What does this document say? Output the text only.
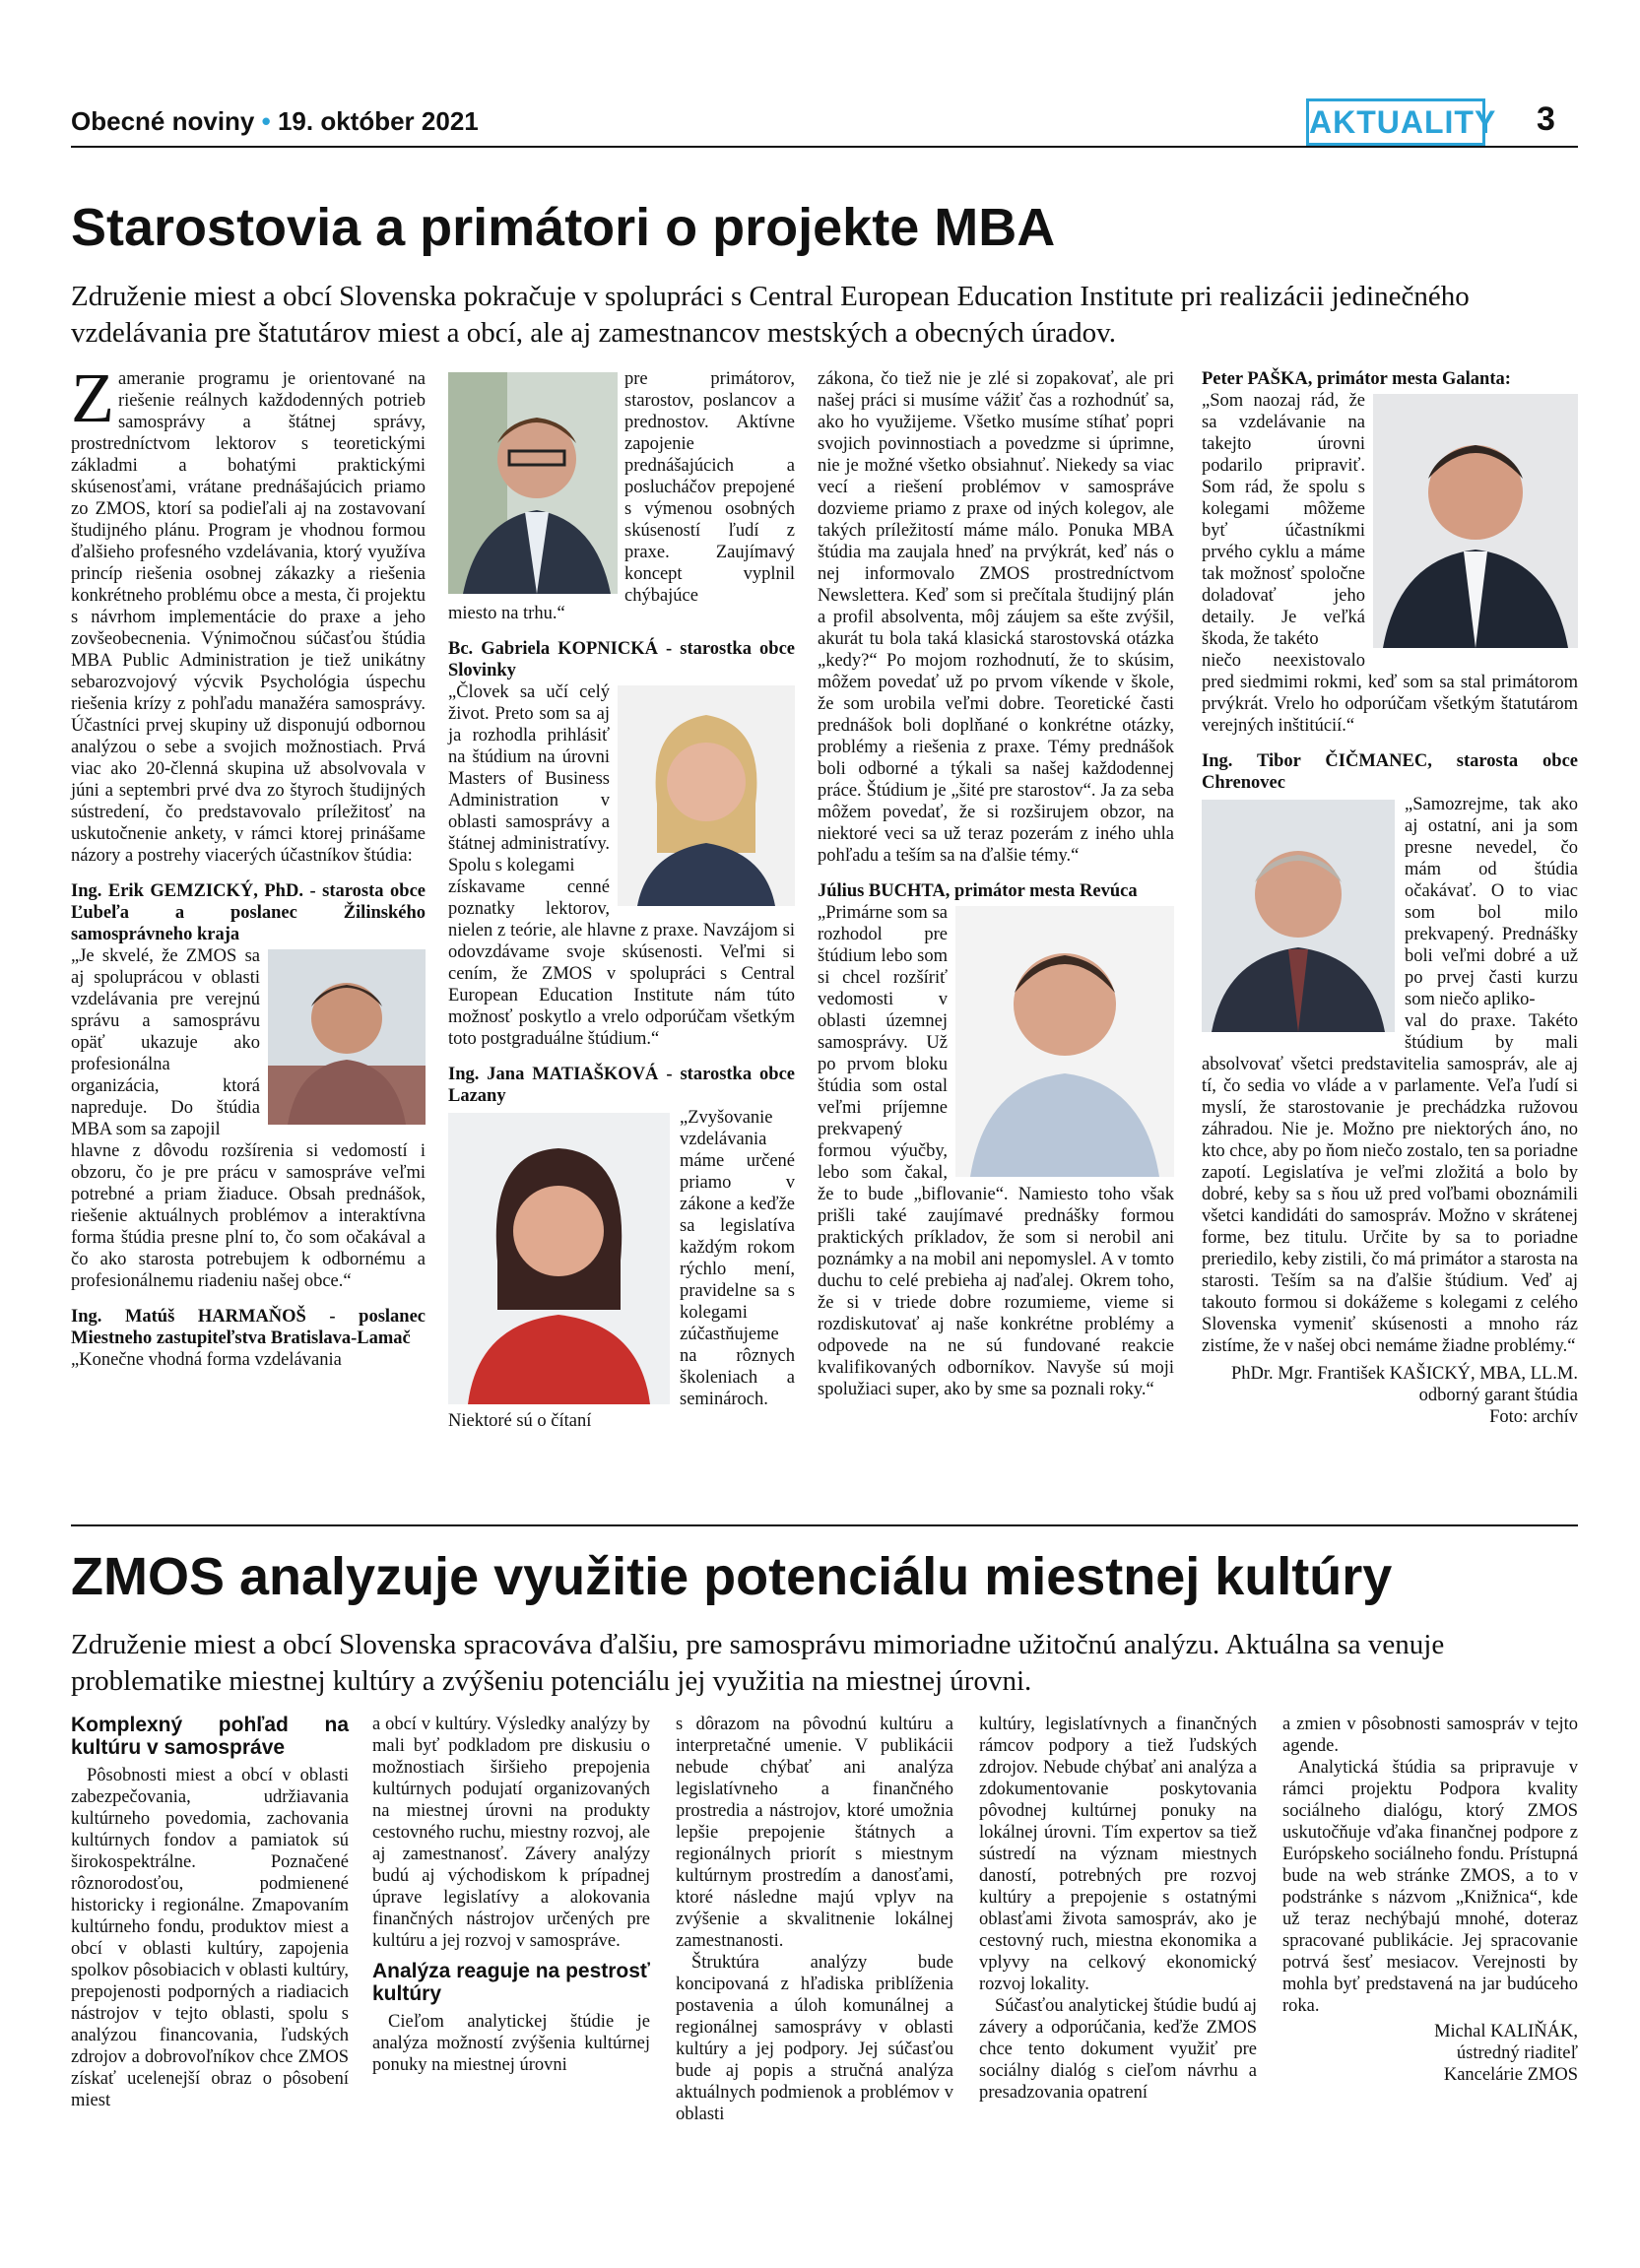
Obecné noviny • 19. október 2021	AKTUALITY 3
Starostovia a primátori o projekte MBA
Združenie miest a obcí Slovenska pokračuje v spolupráci s Central European Education Institute pri realizácii jedinečného vzdelávania pre štatutárov miest a obcí, ale aj zamestnancov mestských a obecných úradov.

Zameranie programu je orientované na riešenie reálnych každodenných potrieb samosprávy a štátnej správy, prostredníctvom lektorov s teoretickými základmi a bohatými praktickými skúsenosťami, vrátane prednášajúcich priamo zo ZMOS, ktorí sa podieľali aj na zostavovaní študijného plánu. Program je vhodnou formou ďalšieho profesného vzdelávania, ktorý využíva princíp riešenia osobnej zákazky a riešenia konkrétneho problému obce a mesta, či projektu s návrhom implementácie do praxe a jeho zovšeobecnenia. Výnimočnou súčasťou štúdia MBA Public Administration je tiež unikátny sebarozvojový výcvik Psychológia úspechu riešenia krízy z pohľadu manažéra samosprávy. Účastníci prvej skupiny už disponujú odbornou analýzou o sebe a svojich možnostiach. Prvá viac ako 20-členná skupina už absolvovala v júni a septembri prvé dva zo štyroch študijných sústredení, čo predstavovalo príležitosť na uskutočnenie ankety, v rámci ktorej prinášame názory a postrehy viacerých účastníkov štúdia:

Ing. Erik GEMZICKÝ, PhD. - starosta obce Ľubeľa a poslanec Žilinského samosprávneho kraja

„Je skvelé, že ZMOS sa aj spoluprácou v oblasti vzdelávania pre verejnú správu a samosprávu opäť ukazuje ako profesionálna organizácia, ktorá napreduje. Do štúdia MBA som sa zapojil

hlavne z dôvodu rozšírenia si vedomostí i obzoru, čo je pre prácu v samospráve veľmi potrebné a priam žiaduce. Obsah prednášok, riešenie aktuálnych problémov a interaktívna forma štúdia presne plní to, čo som očakával a čo ako starosta potrebujem k odbornému a profesionálnemu riadeniu našej obce.“

Ing. Matúš HARMAŇOŠ - poslanec Miestneho zastupiteľstva Bratislava-Lamač

„Konečne vhodná forma vzdelávania

pre primátorov, starostov, poslancov a prednostov. Aktívne zapojenie prednášajúcich a poslucháčov prepojené s výmenou osobných skúseností ľudí z praxe. Zaujímavý koncept vyplnil chýbajúce

miesto na trhu.“

Bc. Gabriela KOPNICKÁ - starostka obce Slovinky

„Človek sa učí celý život. Preto som sa aj ja rozhodla prihlásiť na štúdium na úrovni Masters of Business Administration v oblasti samosprávy a štátnej administratívy. Spolu s kolegami

získavame cenné poznatky lektorov, nielen z teórie, ale hlavne z praxe. Navzájom si odovzdávame svoje skúsenosti. Veľmi si cením, že ZMOS v spolupráci s Central European Education Institute nám túto možnosť poskytlo a vrelo odporúčam všetkým toto postgraduálne štúdium.“

Ing. Jana MATIAŠKOVÁ - starostka obce Lazany

„Zvyšovanie vzdelávania máme určené priamo v zákone a keďže sa legislatíva každým rokom rýchlo mení, pravidelne sa s kolegami zúčastňujeme na rôznych školeniach a seminároch. Niektoré sú o čítaní

zákona, čo tiež nie je zlé si zopakovať, ale pri našej práci si musíme vážiť čas a rozhodnúť sa, ako ho využijeme. Všetko musíme stíhať popri svojich povinnostiach a povedzme si úprimne, nie je možné všetko obsiahnuť. Niekedy sa viac vecí a riešení problémov v samospráve dozvieme priamo z praxe od iných kolegov, ale takých príležitostí máme málo. Ponuka MBA štúdia ma zaujala hneď na prvýkrát, keď nás o nej informovalo ZMOS prostredníctvom Newslettera. Keď som si prečítala študijný plán a profil absolventa, môj záujem sa ešte zvýšil, akurát tu bola taká klasická starostovská otázka „kedy?“ Po mojom rozhodnutí, že to skúsim, môžem povedať už po prvom víkende v škole, že som urobila veľmi dobre. Teoretické časti prednášok boli doplňané o konkrétne otázky, problémy a riešenia z praxe. Témy prednášok boli odborné a týkali sa našej každodennej práce. Štúdium je „šité pre starostov“. Ja za seba môžem povedať, že si rozširujem obzor, na niektoré veci sa už teraz pozerám z iného uhla pohľadu a teším sa na ďalšie témy.“

Július BUCHTA, primátor mesta Revúca

„Primárne som sa rozhodol pre štúdium lebo som si chcel rozšíriť vedomosti v oblasti územnej samosprávy. Už po prvom bloku štúdia som ostal veľmi príjemne prekvapený

formou výučby, lebo som čakal, že to bude „biflovanie“. Namiesto toho však prišli také zaujímavé prednášky formou praktických príkladov, že som si nerobil ani poznámky a na mobil ani nepomyslel. A v tomto duchu to celé prebieha aj naďalej. Okrem toho, že si v triede dobre rozumieme, vieme si rozdiskutovať aj naše konkrétne problémy a odpovede na ne sú fundované reakcie kvalifikovaných odborníkov. Navyše sú moji spolužiaci super, ako by sme sa poznali roky.“

Peter PAŠKA, primátor mesta Galanta:

„Som naozaj rád, že sa vzdelávanie na takejto úrovni podarilo pripraviť. Som rád, že spolu s kolegami môžeme byť účastníkmi prvého cyklu a máme tak možnosť spoločne doladovať jeho detaily. Je veľká škoda, že takéto

niečo neexistovalo pred siedmimi rokmi, keď som sa stal primátorom prvýkrát. Vrelo ho odporúčam všetkým štatutárom verejných inštitúcií.“

Ing. Tibor ČIČMANEC, starosta obce Chrenovec

„Samozrejme, tak ako aj ostatní, ani ja som presne nevedel, čo mám od štúdia očakávať. O to viac som bol milo prekvapený. Prednášky boli veľmi dobré a už po prvej časti kurzu som niečo apliko-

val do praxe. Takéto štúdium by mali absolvovať všetci predstavitelia samospráv, ale aj tí, čo sedia vo vláde a v parlamente. Veľa ľudí si myslí, že starostovanie je prechádzka ružovou záhradou. Nie je. Možno pre niektorých áno, no kto chce, aby po ňom niečo zostalo, ten sa poriadne zapotí. Legislatíva je veľmi zložitá a bolo by dobré, keby sa s ňou už pred voľbami oboznámili všetci kandidáti do samospráv. Možno v skrátenej forme, bez titulu. Určite by sa to poriadne preriedilo, keby zistili, čo má primátor a starosta na starosti. Teším sa na ďalšie štúdium. Veď aj takouto formou si dokážeme s kolegami z celého Slovenska vymeniť skúsenosti a mnoho ráz zistíme, že v našej obci nemáme žiadne problémy.“

PhDr. Mgr. František KAŠICKÝ, MBA, LL.M.

odborný garant štúdia

Foto: archív

ZMOS analyzuje využitie potenciálu miestnej kultúry
Združenie miest a obcí Slovenska spracováva ďalšiu, pre samosprávu mimoriadne užitočnú analýzu. Aktuálna sa venuje problematike miestnej kultúry a zvýšeniu potenciálu jej využitia na miestnej úrovni.

Komplexný pohľad na kultúru v samospráve

Pôsobnosti miest a obcí v oblasti zabezpečovania, udržiavania kultúrneho povedomia, zachovania kultúrnych fondov a pamiatok sú širokospektrálne. Poznačené rôznorodosťou, podmienené historicky i regionálne. Zmapovaním kultúrneho fondu, produktov miest a obcí v oblasti kultúry, zapojenia spolkov pôsobiacich v oblasti kultúry, prepojenosti podporných a riadiacich nástrojov v tejto oblasti, spolu s analýzou financovania, ľudských zdrojov a dobrovoľníkov chce ZMOS získať ucelenejší obraz o pôsobení miest

a obcí v kultúry. Výsledky analýzy by mali byť podkladom pre diskusiu o možnostiach širšieho prepojenia kultúrnych podujatí organizovaných na miestnej úrovni na produkty cestovného ruchu, miestny rozvoj, ale aj zamestnanosť. Závery analýzy budú aj východiskom k prípadnej úprave legislatívy a alokovania finančných nástrojov určených pre kultúru a jej rozvoj v samospráve.

Analýza reaguje na pestrosť kultúry

Cieľom analytickej štúdie je analýza možností zvýšenia kultúrnej ponuky na miestnej úrovni

s dôrazom na pôvodnú kultúru a interpretačné umenie. V publikácii nebude chýbať ani analýza legislatívneho a finančného prostredia a nástrojov, ktoré umožnia lepšie prepojenie štátnych a regionálnych priorít s miestnym kultúrnym prostredím a danosťami, ktoré následne majú vplyv na zvýšenie a skvalitnenie lokálnej zamestnanosti.

Štruktúra analýzy bude koncipovaná z hľadiska priblíženia postavenia a úloh komunálnej a regionálnej samosprávy v oblasti kultúry a jej podpory. Jej súčasťou bude aj popis a stručná analýza aktuálnych podmienok a problémov v oblasti

kultúry, legislatívnych a finančných rámcov podpory a tiež ľudských zdrojov. Nebude chýbať ani analýza a zdokumentovanie poskytovania pôvodnej kultúrnej ponuky na lokálnej úrovni. Tím expertov sa tiež sústredí na význam miestnych daností, potrebných pre rozvoj kultúry a prepojenie s ostatnými oblasťami života samospráv, ako je cestovný ruch, miestna ekonomika a vplyvy na celkový ekonomický rozvoj lokality.

Súčasťou analytickej štúdie budú aj závery a odporúčania, keďže ZMOS chce tento dokument využiť pre sociálny dialóg s cieľom návrhu a presadzovania opatrení

a zmien v pôsobnosti samospráv v tejto agende.

Analytická štúdia sa pripravuje v rámci projektu Podpora kvality sociálneho dialógu, ktorý ZMOS uskutočňuje vďaka finančnej podpore z Európskeho sociálneho fondu. Prístupná bude na web stránke ZMOS, a to v podstránke s názvom „Knižnica“, kde už teraz nechýbajú mnohé, doteraz spracované publikácie. Jej spracovanie potrvá šesť mesiacov. Verejnosti by mohla byť predstavená na jar budúceho roka.

Michal KALIŇÁK,

ústredný riaditeľ

Kancelárie ZMOS
